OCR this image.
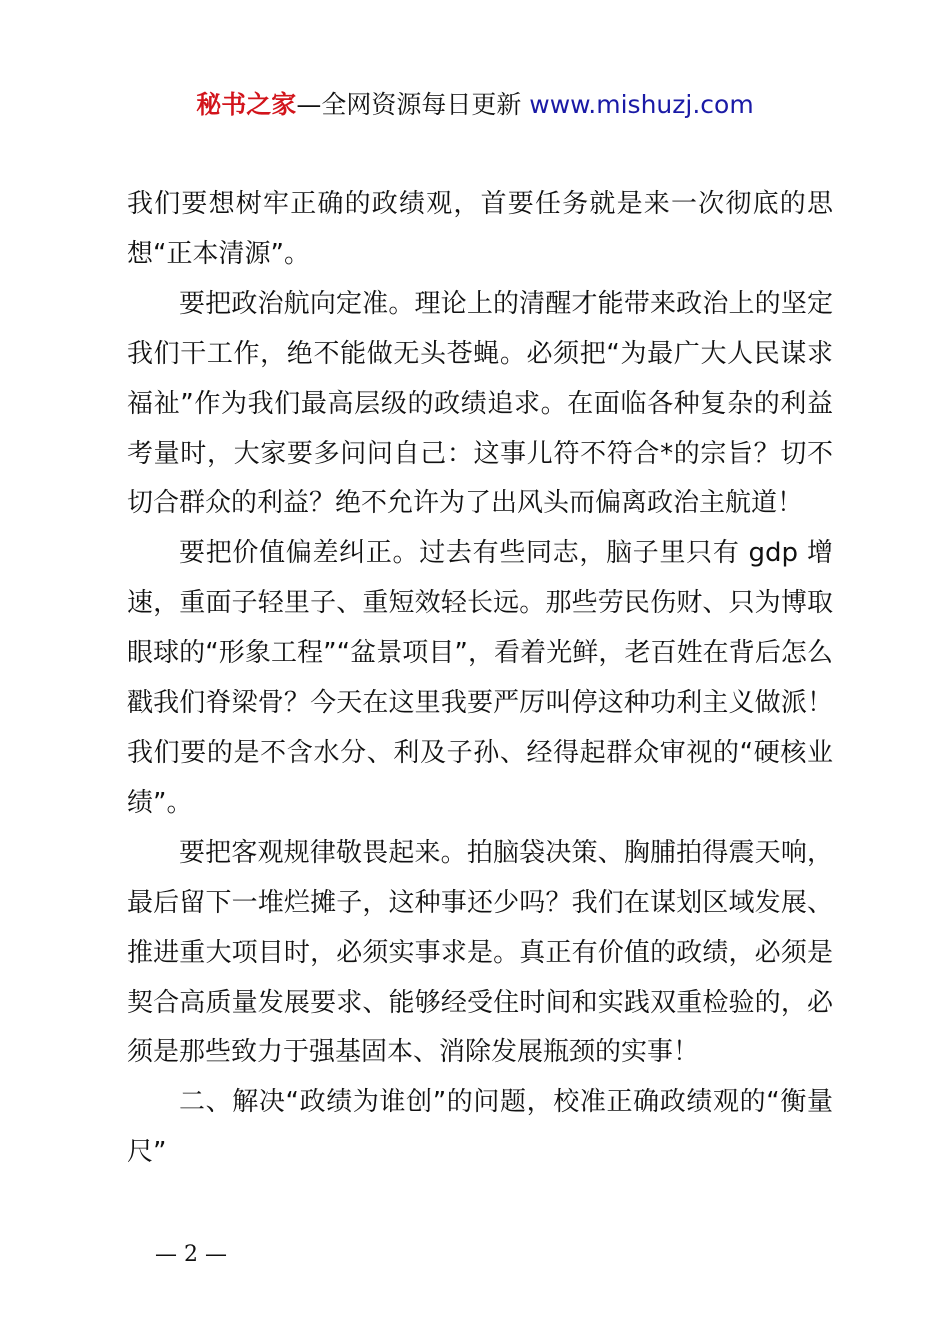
秘书之家—全网资源每日更新 www.mishuzj.com

我们要想树牢正确的政绩观，首要任务就是来一次彻底的思想“正本清源”。

要把政治航向定准。理论上的清醒才能带来政治上的坚定我们干工作，绝不能做无头苍蝇。必须把“为最广大人民谋求福祉”作为我们最高层级的政绩追求。在面临各种复杂的利益考量时，大家要多问问自己：这事儿符不符合*的宗旨？切不切合群众的利益？绝不允许为了出风头而偏离政治主航道！

要把价值偏差纠正。过去有些同志，脑子里只有 gdp 增速，重面子轻里子、重短效轻长远。那些劳民伤财、只为博取眼球的“形象工程”“盆景项目”，看着光鲜，老百姓在背后怎么戳我们脊梁骨？今天在这里我要严厉叫停这种功利主义做派！我们要的是不含水分、利及子孙、经得起群众审视的“硬核业绩”。

要把客观规律敬畏起来。拍脑袋决策、胸脯拍得震天响，最后留下一堆烂摊子，这种事还少吗？我们在谋划区域发展、推进重大项目时，必须实事求是。真正有价值的政绩，必须是契合高质量发展要求、能够经受住时间和实践双重检验的，必须是那些致力于强基固本、消除发展瓶颈的实事！

二、解决“政绩为谁创”的问题，校准正确政绩观的“衡量尺”

— 2 —
